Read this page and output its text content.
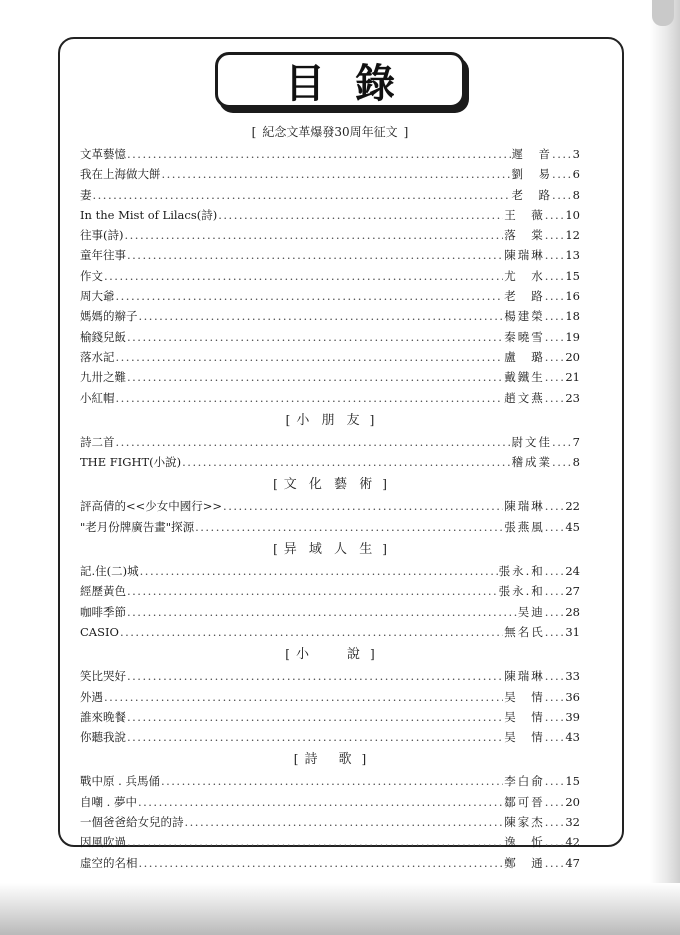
目錄
[ 紀念文革爆發30周年征文 ]
文革藝憶 .....	遲　音 .... 3
我在上海做大餅 .....	劉　易 .... 6
妻 .....	老　路 .... 8
In the Mist of Lilacs(詩) .....	王　薇 .... 10
往事(詩) .....	落　棠 .... 12
童年往事 .....	陳瑞琳 .... 13
作文 .....	尤　水 .... 15
周大爺 .....	老　路 .... 16
媽媽的辮子 .....	楊建榮 .... 18
榆錢兒飯 .....	秦曉雪 .... 19
落水記 .....	盧　璐 .... 20
九卅之難 .....	戴鐵生 .... 21
小紅帽 .....	趙文燕 .... 23
[ 小 朋 友 ]
詩二首 .....	尉文佳 .... 7
THE FIGHT(小說) .....	稽成業 .... 8
[ 文 化 藝 術 ]
評高倩的<<少女中國行>> .....	陳瑞琳 .... 22
"老月份牌廣告畫"探源 .....	張燕風 .... 45
[ 异 域 人 生 ]
記.住(二)城 .....	張永.和 .... 24
經歷黃色 .....	張永.和 .... 27
咖啡季節 .....	吴迪 .... 28
CASIO .....	無名氏 .... 31
[ 小　　說 ]
笑比哭好 .....	陳瑞琳 .... 33
外遇 .....	吴　情 .... 36
誰來晚餐 .....	吴　情 .... 39
你聽我說 .....	吴　情 .... 43
[ 詩　歌 ]
戰中原 . 兵馬俑 .....	李白俞 .... 15
自嘲 . 夢中 .....	鄒可晉 .... 20
一個爸爸給女兒的詩 .....	陳家杰 .... 32
因風吹過 .....	逸　忻 .... 42
虛空的名相 .....	鄭　通 .... 47
